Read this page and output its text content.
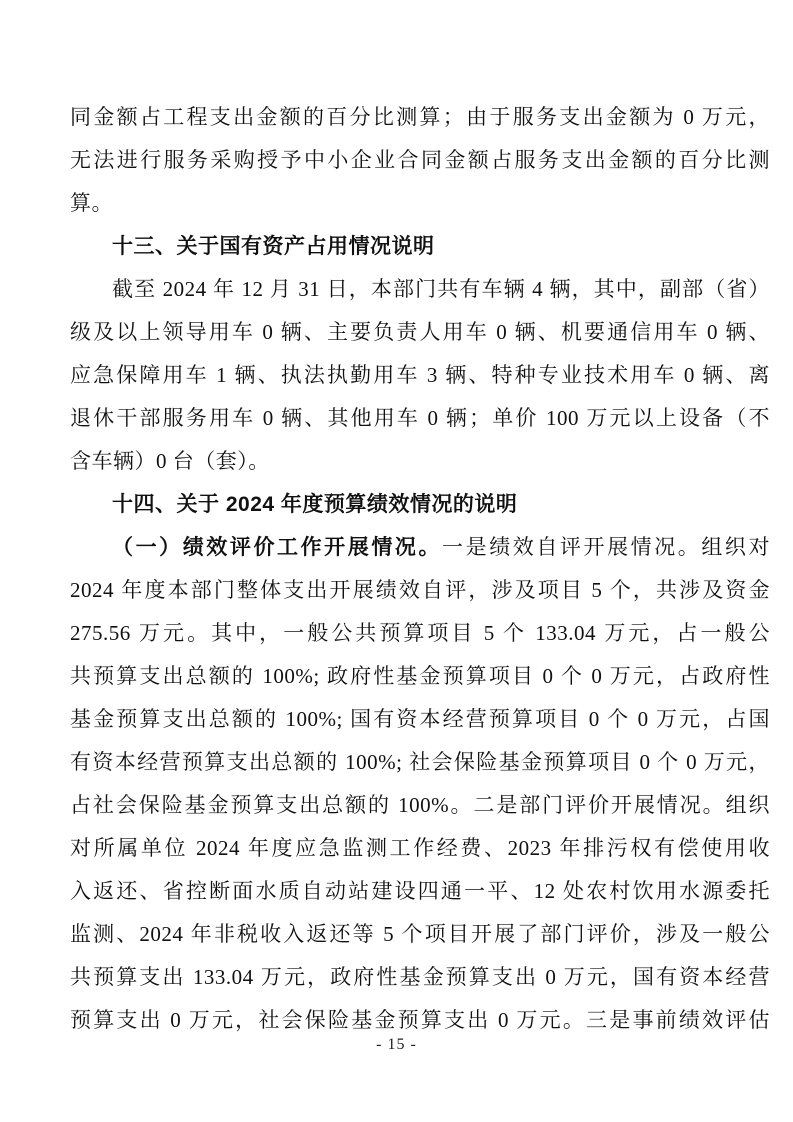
同金额占工程支出金额的百分比测算；由于服务支出金额为 0 万元，
无法进行服务采购授予中小企业合同金额占服务支出金额的百分比测
算。
十三、关于国有资产占用情况说明
截至 2024 年 12 月 31 日，本部门共有车辆 4 辆，其中，副部（省）
级及以上领导用车 0 辆、主要负责人用车 0 辆、机要通信用车 0 辆、
应急保障用车 1 辆、执法执勤用车 3 辆、特种专业技术用车 0 辆、离
退休干部服务用车 0 辆、其他用车 0 辆；单价 100 万元以上设备（不
含车辆）0 台（套）。
十四、关于 2024 年度预算绩效情况的说明
（一）绩效评价工作开展情况。一是绩效自评开展情况。组织对
2024 年度本部门整体支出开展绩效自评，涉及项目 5 个，共涉及资金
275.56 万元。其中，一般公共预算项目 5 个 133.04 万元，占一般公
共预算支出总额的 100%; 政府性基金预算项目 0 个 0 万元，占政府性
基金预算支出总额的 100%; 国有资本经营预算项目 0 个 0 万元，占国
有资本经营预算支出总额的 100%; 社会保险基金预算项目 0 个 0 万元，
占社会保险基金预算支出总额的 100%。二是部门评价开展情况。组织
对所属单位 2024 年度应急监测工作经费、2023 年排污权有偿使用收
入返还、省控断面水质自动站建设四通一平、12 处农村饮用水源委托
监测、2024 年非税收入返还等 5 个项目开展了部门评价，涉及一般公
共预算支出 133.04 万元，政府性基金预算支出 0 万元，国有资本经营
预算支出 0 万元，社会保险基金预算支出 0 万元。三是事前绩效评估
- 15 -
